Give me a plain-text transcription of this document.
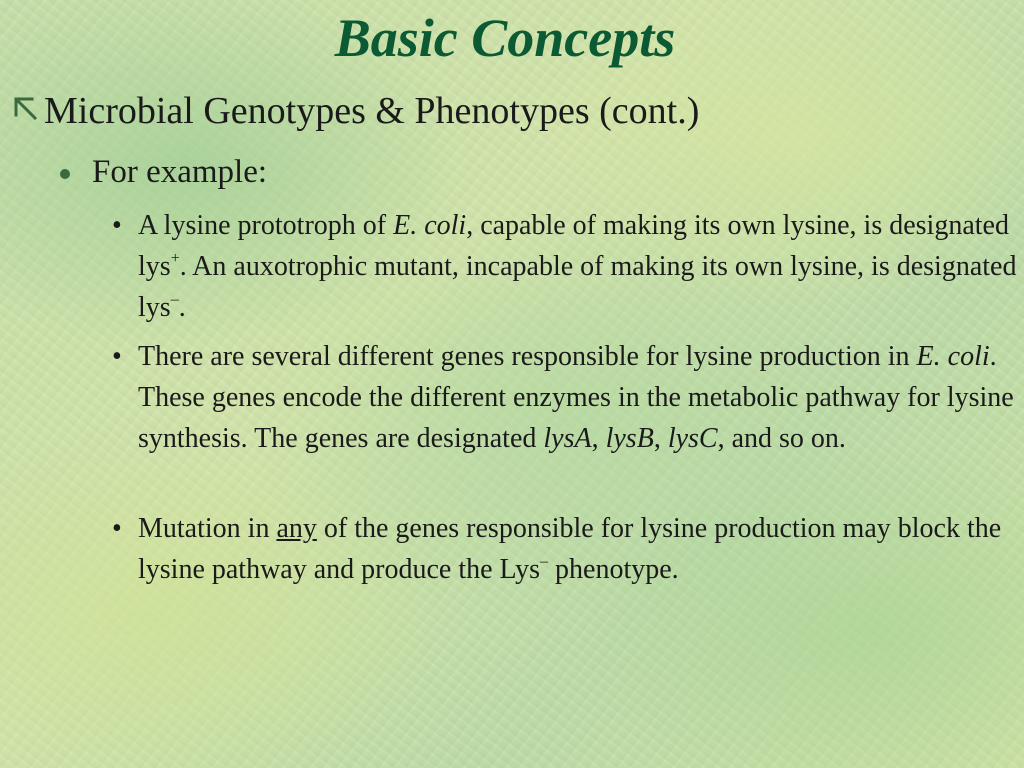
Basic Concepts
Microbial Genotypes & Phenotypes (cont.)
For example:
• A lysine prototroph of E. coli, capable of making its own lysine, is designated lys+. An auxotrophic mutant, incapable of making its own lysine, is designated lys–.
• There are several different genes responsible for lysine production in E. coli. These genes encode the different enzymes in the metabolic pathway for lysine synthesis. The genes are designated lysA, lysB, lysC, and so on.
• Mutation in any of the genes responsible for lysine production may block the lysine pathway and produce the Lys– phenotype.
